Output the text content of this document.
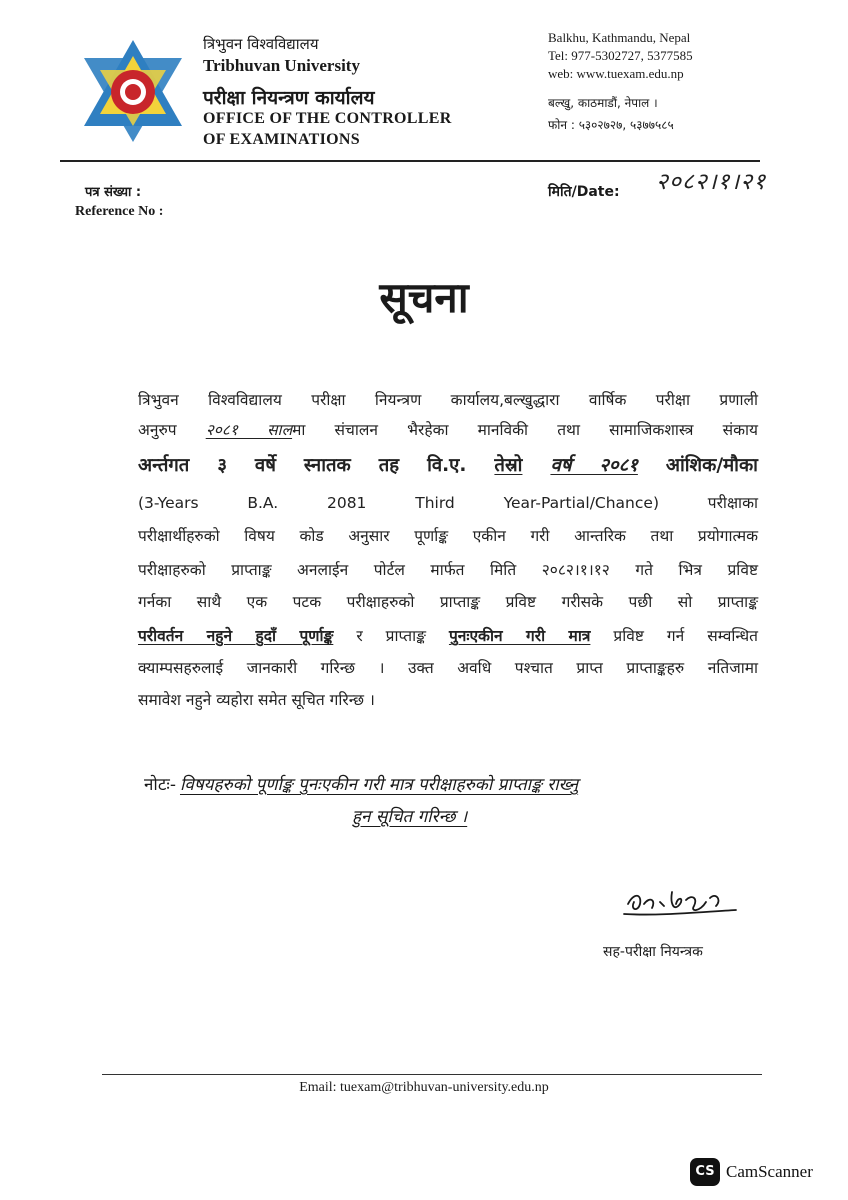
त्रिभुवन विश्वविद्यालय
Tribhuvan University
परीक्षा नियन्त्रण कार्यालय
OFFICE OF THE CONTROLLER
OF EXAMINATIONS
Balkhu, Kathmandu, Nepal
Tel: 977-5302727, 5377585
web: www.tuexam.edu.np
बल्खु, काठमाडौं, नेपाल ।
फोन : ५३०२७२७, ५३७७५८५
पत्र संख्या :
Reference No :
मिति/Date: २०८२।१।२१
सूचना
त्रिभुवन विश्वविद्यालय परीक्षा नियन्त्रण कार्यालय,बल्खुद्धारा वार्षिक परीक्षा प्रणाली
अनुरुप २०८१ सालमा संचालन भैरहेका मानविकी तथा सामाजिकशास्त्र संकाय
अर्न्तगत ३ वर्षे स्नातक तह वि.ए. तेस्रो वर्ष २०८१ आंशिक/मौका
(3-Years B.A. 2081 Third Year-Partial/Chance) परीक्षाका
परीक्षार्थीहरुको विषय कोड अनुसार पूर्णाङ्क एकीन गरी आन्तरिक तथा प्रयोगात्मक
परीक्षाहरुको प्राप्ताङ्क अनलाईन पोर्टल मार्फत मिति २०८२।१।१२ गते भित्र प्रविष्ट
गर्नका साथै एक पटक परीक्षाहरुको प्राप्ताङ्क प्रविष्ट गरीसके पछी सो प्राप्ताङ्क
परीवर्तन नहुने हुदाँ पूर्णाङ्क र प्राप्ताङ्क पुनःएकीन गरी मात्र प्रविष्ट गर्न सम्वन्धित
क्याम्पसहरुलाई जानकारी गरिन्छ । उक्त अवधि पश्चात प्राप्त प्राप्ताङ्कहरु नतिजामा
समावेश नहुने व्यहोरा समेत सूचित गरिन्छ ।
नोटः- विषयहरुको पूर्णाङ्क पुनःएकीन गरी मात्र परीक्षाहरुको प्राप्ताङ्क राख्नु
हुन सूचित गरिन्छ ।
सह-परीक्षा नियन्त्रक
Email: tuexam@tribhuvan-university.edu.np
CS CamScanner
